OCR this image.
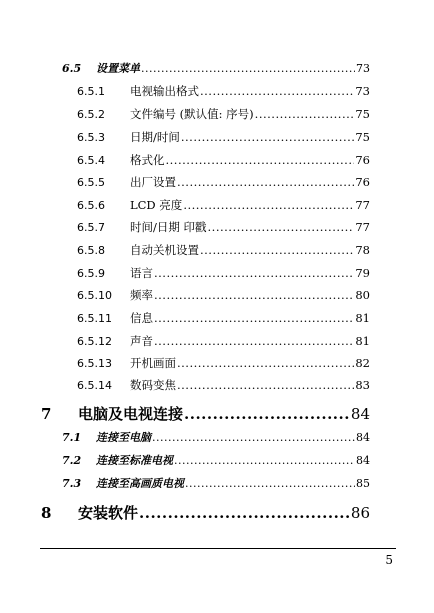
6.5	设置菜单 .....	73
6.5.1	电视输出格式 .....	73
6.5.2	文件编号 (默认值: 序号) .....	75
6.5.3	日期/时间 .....	75
6.5.4	格式化 .....	76
6.5.5	出厂设置 .....	76
6.5.6	LCD 亮度 .....	77
6.5.7	时间/日期 印戳 .....	77
6.5.8	自动关机设置 .....	78
6.5.9	语言 .....	79
6.5.10	频率 .....	80
6.5.11	信息 .....	81
6.5.12	声音 .....	81
6.5.13	开机画面 .....	82
6.5.14	数码变焦 .....	83
7	电脑及电视连接 .....	84
7.1	连接至电脑 .....	84
7.2	连接至标准电视 .....	84
7.3	连接至高画质电视 .....	85
8	安装软件 .....	86
5
